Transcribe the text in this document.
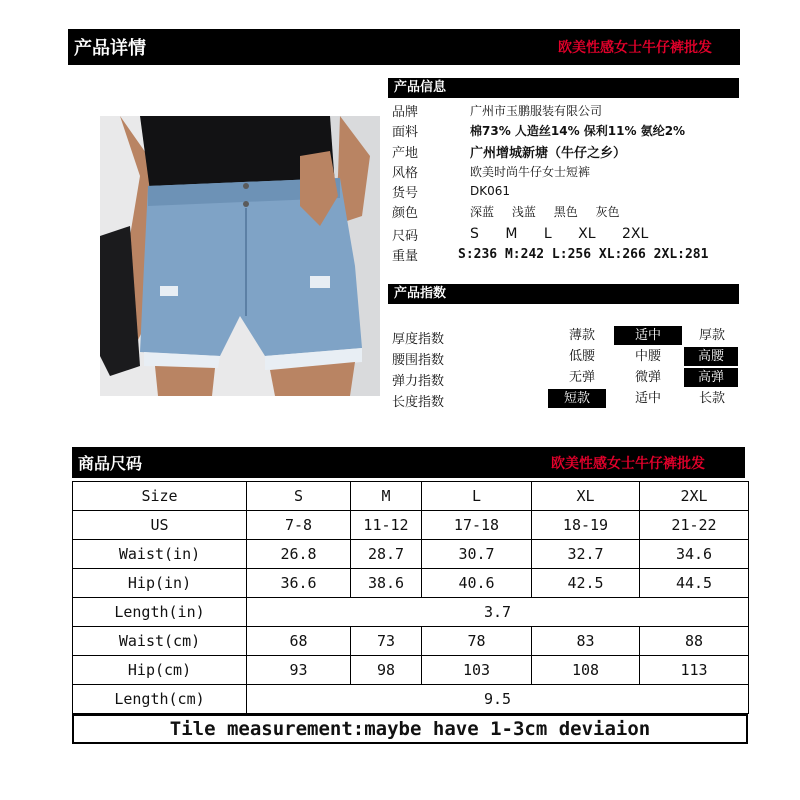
产品详情	欧美性感女士牛仔裤批发
产品信息
品牌	广州市玉鹏服装有限公司
面料	棉73% 人造丝14% 保利11% 氨纶2%
产地	广州增城新塘（牛仔之乡）
风格	欧美时尚牛仔女士短裤
货号	DK061
颜色	深蓝 浅蓝 黑色 灰色
尺码	S M L XL 2XL
重量	S:236 M:242 L:256 XL:266 2XL:281
产品指数
厚度指数	薄款	适中	厚款
腰围指数	低腰	中腰	高腰
弹力指数	无弹	微弹	高弹
长度指数	短款	适中	长款
商品尺码	欧美性感女士牛仔裤批发
Size	S	M	L	XL	2XL
US	7-8	11-12	17-18	18-19	21-22
Waist(in)	26.8	28.7	30.7	32.7	34.6
Hip(in)	36.6	38.6	40.6	42.5	44.5
Length(in)	3.7				
Waist(cm)	68	73	78	83	88
Hip(cm)	93	98	103	108	113
Length(cm)	9.5				
Tile measurement:maybe have 1-3cm deviaion
